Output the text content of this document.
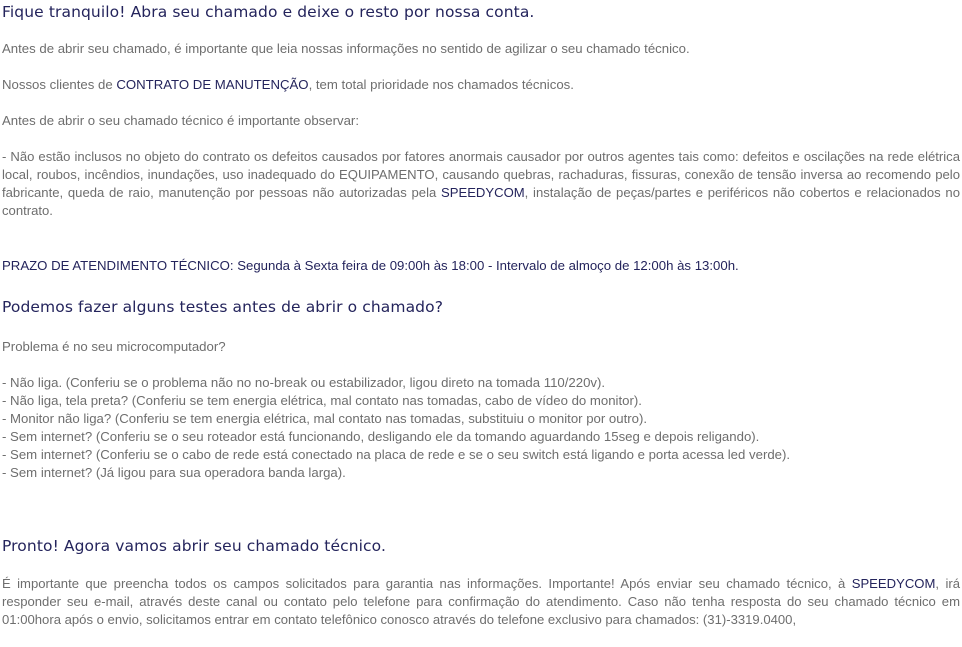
Fique tranquilo! Abra seu chamado e deixe o resto por nossa conta.
Antes de abrir seu chamado, é importante que leia nossas informações no sentido de agilizar o seu chamado técnico.
Nossos clientes de CONTRATO DE MANUTENÇÃO, tem total prioridade nos chamados técnicos.
Antes de abrir o seu chamado técnico é importante observar:
- Não estão inclusos no objeto do contrato os defeitos causados por fatores anormais causador por outros agentes tais como: defeitos e oscilações na rede elétrica local, roubos, incêndios, inundações, uso inadequado do EQUIPAMENTO, causando quebras, rachaduras, fissuras, conexão de tensão inversa ao recomendo pelo fabricante, queda de raio, manutenção por pessoas não autorizadas pela SPEEDYCOM, instalação de peças/partes e periféricos não cobertos e relacionados no contrato.
PRAZO DE ATENDIMENTO TÉCNICO: Segunda à Sexta feira de 09:00h às 18:00 - Intervalo de almoço de 12:00h às 13:00h.
Podemos fazer alguns testes antes de abrir o chamado?
Problema é no seu microcomputador?
- Não liga. (Conferiu se o problema não no no-break ou estabilizador, ligou direto na tomada 110/220v).
- Não liga, tela preta? (Conferiu se tem energia elétrica, mal contato nas tomadas, cabo de vídeo do monitor).
- Monitor não liga? (Conferiu se tem energia elétrica, mal contato nas tomadas, substituiu o monitor por outro).
- Sem internet? (Conferiu se o seu roteador está funcionando, desligando ele da tomando aguardando 15seg e depois religando).
- Sem internet? (Conferiu se o cabo de rede está conectado na placa de rede e se o seu switch está ligando e porta acessa led verde).
- Sem internet? (Já ligou para sua operadora banda larga).
Pronto! Agora vamos abrir seu chamado técnico.
É importante que preencha todos os campos solicitados para garantia nas informações. Importante! Após enviar seu chamado técnico, à SPEEDYCOM, irá responder seu e-mail, através deste canal ou contato pelo telefone para confirmação do atendimento. Caso não tenha resposta do seu chamado técnico em 01:00hora após o envio, solicitamos entrar em contato telefônico conosco através do telefone exclusivo para chamados: (31)-3319.0400,
